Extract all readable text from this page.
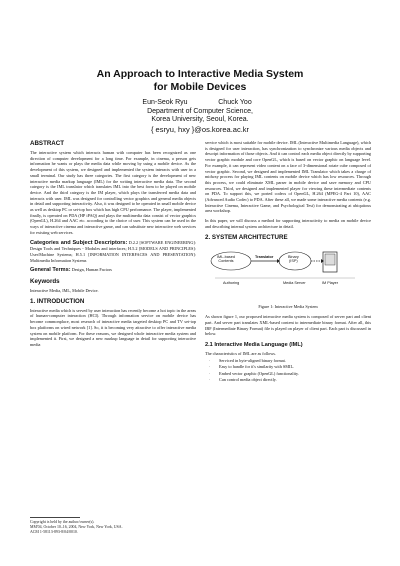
An Approach to Interactive Media System
for Mobile Devices
Eun-Seok Ryu	Chuck Yoo
Department of Computer Science,
Korea University, Seoul, Korea.
{ esryu, hxy }@os.korea.ac.kr
ABSTRACT

The interactive system which interacts human with computer has been recognized as one direction of computer development for a long time. For example, in cinema, a person gets information he wants or plays the media data while moving by using a mobile device. As the development of this system, we designed and implemented the system interacts with user in a small terminal. Our study has three categories. The first category is the development of new interactive media markup language (IML) for the writing interactive media data. The second category is the IML translator which translates IML into the best form to be played on mobile device. And the third category is the IM player, which plays the transferred media data and interacts with user. IML was designed for controlling vector graphics and general media objects in detail and supporting interactivity. Also, it was designed to be operated in small mobile device as well as desktop PC or set-top box which has high CPU performance. The player, implemented finally, is operated on PDA (HP iPAQ) and plays the multimedia data consist of vector graphics (OpenGL), H.264 and AAC etc. according to the choice of user. This system can be used in the ways of interactive cinema and interactive game, and can substitute new interactive web services for existing web services.

Categories and Subject Descriptors: D.2.2 [SOFTWARE ENGINEERING]: Design Tools and Techniques - Modules and interfaces; H.5.2 [MODELS AND PRINCIPLES]: User/Machine Systems; H.5.1 [INFORMATION INTERFACES AND PRESENTATION]: Multimedia Information Systems

General Terms: Design, Human Factors

Keywords

Interactive Media, IML, Mobile Device.

1. INTRODUCTION

Interactive media which is served by user interaction has recently become a hot topic in the areas of human-computer interaction (HCI). Through information service on mobile device has become commonplace, most research of interactive media targeted desktop PC and TV set-top box platforms on wired network [1]. So, it is becoming very attractive to offer interactive media system on mobile platform. For these reasons, we designed whole interactive media system and implemented it. First, we designed a new markup language in detail for supporting interactive media

Copyright is held by the author/owner(s).
MM'04, October 10–16, 2004, New York, New York, USA.
ACM 1-58113-893-8/04/0010.

service which is most suitable for mobile device. IML (Interactive Multimedia Language), which is designed for user interaction, has synchronization to synchronize various media objects and descript information of those objects. And it can control each media object directly by supporting vector graphic module and core OpenGL, which is based on vector graphic on language level. For example, it can represent video content on a face of 3-dimensional rotate cube composed of vector graphic. Second, we designed and implemented IML Translator which takes a charge of midway process for playing IML contents on mobile device which has low resources. Through this process, we could eliminate XML parser in mobile device and save memory and CPU resources. Third, we designed and implemented player for viewing these intermediate contents on PDA. To support this, we ported codecs of OpenGL, H.264 (MPEG-4 Part 10), AAC (Advanced Audio Codec) to PDA. After these all, we made some interactive media contents (e.g. Interactive Cinema, Interactive Game, and Psychological Test) for demonstrating at ubiquitous area workshop.

In this paper, we will discuss a method for supporting interactivity to media on mobile device and describing internal system architecture in detail.

2. SYSTEM ARCHITECTURE
IML-based
Contents
Translator	Binary
(ISP)
Authoring	Media Server	IM Player
Figure 1: Interactive Media System

As shown figure 1, our proposed interactive media system is composed of server part and client part. And server part translates XML-based content to intermediate binary format. After all, this IBF (Intermediate Binary Format) file is played on player of client part. Each part is discussed in below.

2.1 Interactive Media Language (IML)

The characteristics of IML are as follows.

· Serviced in byte-aligned binary format.
· Easy to handle for it's similarity with SMIL.
· Embed vector graphic (OpenGL) functionality.
· Can control media object directly.
